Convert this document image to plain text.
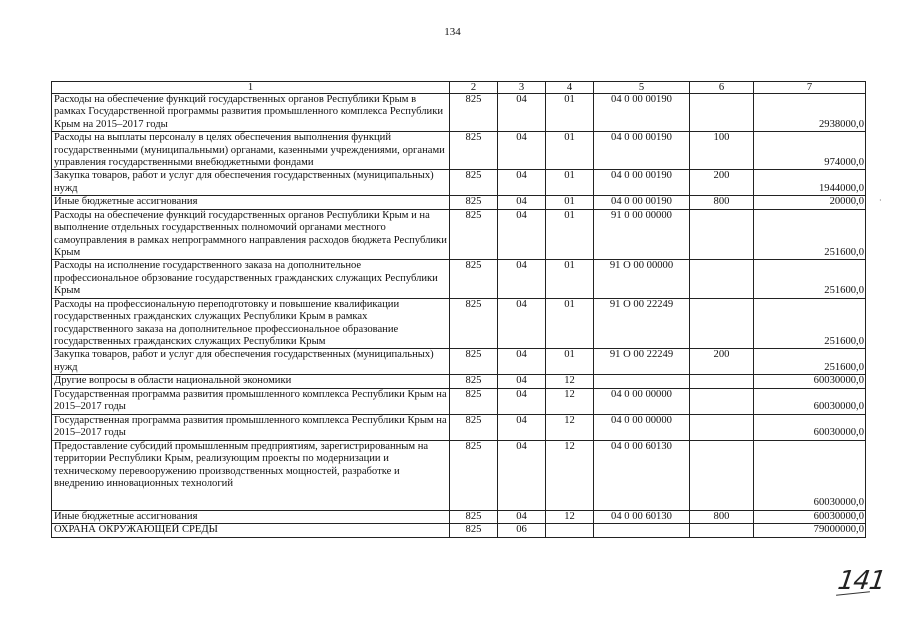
134
1	2	3	4	5	6	7
Расходы на обеспечение функций государственных органов Республики Крым в рамках Государственной программы развития промышленного комплекса Республики Крым на 2015–2017 годы	825	04	01	04 0 00 00190		2938000,0
Расходы на выплаты персоналу в целях обеспечения выполнения функций государственными (муниципальными) органами, казенными учреждениями, органами управления государственными внебюджетными фондами	825	04	01	04 0 00 00190	100	974000,0
Закупка товаров, работ и услуг для обеспечения государственных (муниципальных) нужд	825	04	01	04 0 00 00190	200	1944000,0
Иные бюджетные ассигнования	825	04	01	04 0 00 00190	800	20000,0
Расходы на обеспечение функций государственных органов Республики Крым и на выполнение отдельных государственных полномочий органами местного самоуправления в рамках непрограммного направления расходов бюджета Республики Крым	825	04	01	91 0 00 00000		251600,0
Расходы на исполнение государственного заказа на дополнительное профессиональное обрзование государственных гражданских служащих Республики Крым	825	04	01	91 О 00 00000		251600,0
Расходы на профессиональную переподготовку и повышение квалификации государственных гражданских служащих Республики Крым в рамках государственного заказа на дополнительное профессиональное образование государственных гражданских служащих Республики Крым	825	04	01	91 О 00 22249		251600,0
Закупка товаров, работ и услуг для обеспечения государственных (муниципальных) нужд	825	04	01	91 О 00 22249	200	251600,0
Другие вопросы в области национальной экономики	825	04	12			60030000,0
Государственная программа развития промышленного комплекса Республики Крым на 2015–2017 годы	825	04	12	04 0 00 00000		60030000,0
Государственная программа развития промышленного комплекса Республики Крым на 2015–2017 годы	825	04	12	04 0 00 00000		60030000,0
Предоставление субсидий промышленным предприятиям, зарегистрированным на территории Республики Крым, реализующим проекты по модернизации и техническому перевооружению производственных мощностей, разработке и внедрению инновационных технологий	825	04	12	04 0 00 60130		60030000,0
Иные бюджетные ассигнования	825	04	12	04 0 00 60130	800	60030000,0
ОХРАНА ОКРУЖАЮЩЕЙ СРЕДЫ	825	06				79000000,0
·
141
